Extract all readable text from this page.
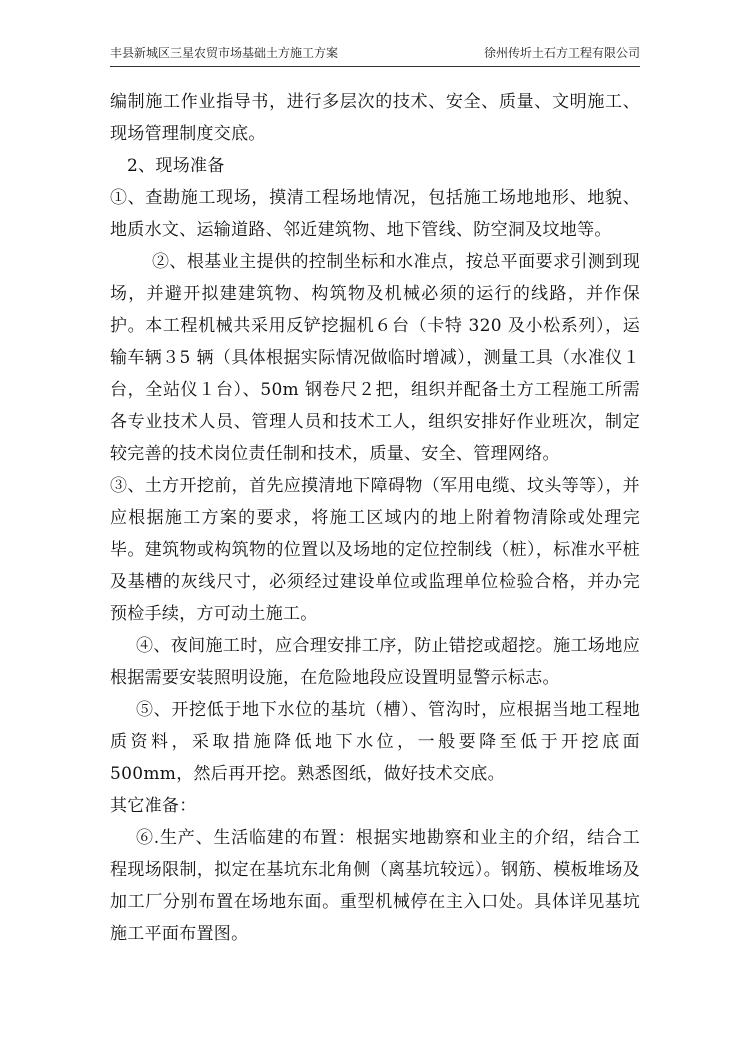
丰县新城区三星农贸市场基础土方施工方案	徐州传圻土石方工程有限公司

编制施工作业指导书，进行多层次的技术、安全、质量、文明施工、现场管理制度交底。

2、现场准备

①、查勘施工现场，摸清工程场地情况，包括施工场地地形、地貌、地质水文、运输道路、邻近建筑物、地下管线、防空洞及坟地等。

②、根基业主提供的控制坐标和水准点，按总平面要求引测到现场，并避开拟建建筑物、构筑物及机械必须的运行的线路，并作保护。本工程机械共采用反铲挖掘机６台（卡特 320 及小松系列），运输车辆３5 辆（具体根据实际情况做临时增减），测量工具（水准仪１台，全站仪１台）、50m 钢卷尺２把，组织并配备土方工程施工所需各专业技术人员、管理人员和技术工人，组织安排好作业班次，制定较完善的技术岗位责任制和技术，质量、安全、管理网络。

③、土方开挖前，首先应摸清地下障碍物（军用电缆、坟头等等），并应根据施工方案的要求，将施工区域内的地上附着物清除或处理完毕。建筑物或构筑物的位置以及场地的定位控制线（桩），标准水平桩及基槽的灰线尺寸，必须经过建设单位或监理单位检验合格，并办完预检手续，方可动土施工。

④、夜间施工时，应合理安排工序，防止错挖或超挖。施工场地应根据需要安装照明设施，在危险地段应设置明显警示标志。

⑤、开挖低于地下水位的基坑（槽）、管沟时，应根据当地工程地质资料，采取措施降低地下水位，一般要降至低于开挖底面 500mm，然后再开挖。熟悉图纸，做好技术交底。

其它准备：

⑥.生产、生活临建的布置：根据实地勘察和业主的介绍，结合工程现场限制，拟定在基坑东北角侧（离基坑较远）。钢筋、模板堆场及加工厂分别布置在场地东面。重型机械停在主入口处。具体详见基坑施工平面布置图。
